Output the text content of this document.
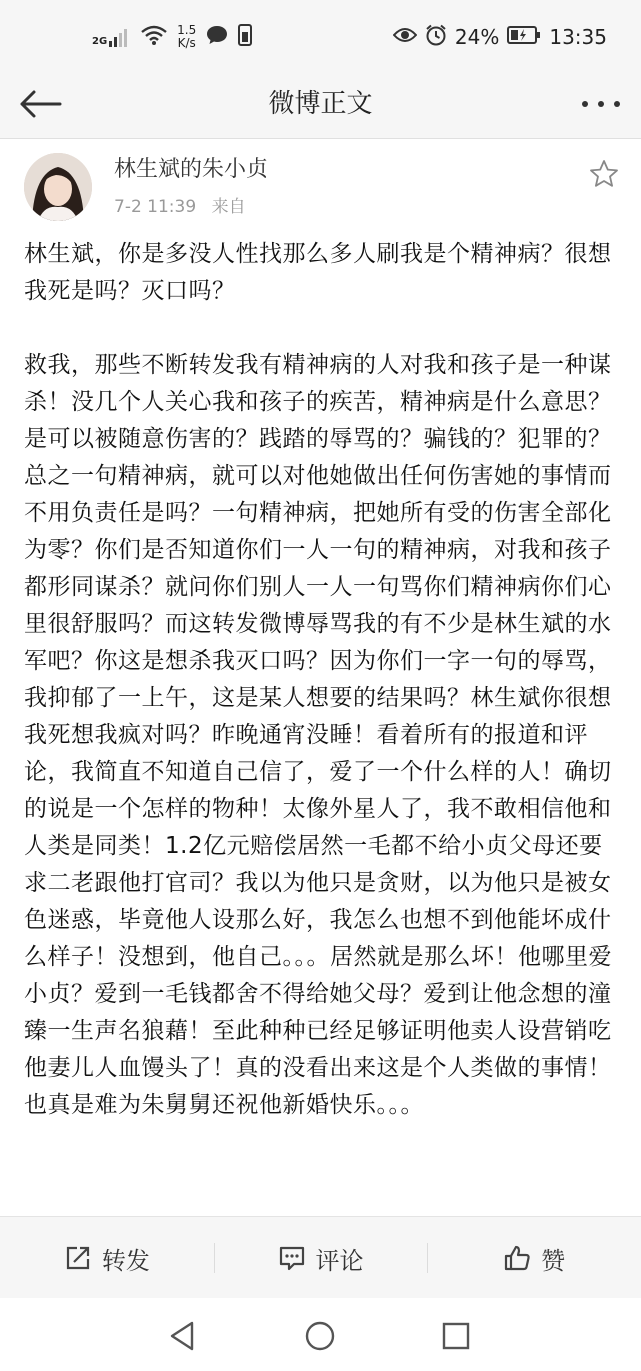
2G
1.5
K/s	24%	13:35
微博正文
林生斌的朱小贞
7-2 11:39 来自

林生斌，你是多没人性找那么多人刷我是个精神病？很想我死是吗？灭口吗？

救我，那些不断转发我有精神病的人对我和孩子是一种谋杀！没几个人关心我和孩子的疾苦，精神病是什么意思？是可以被随意伤害的？践踏的辱骂的？骗钱的？犯罪的？总之一句精神病，就可以对他她做出任何伤害她的事情而不用负责任是吗？一句精神病，把她所有受的伤害全部化为零？你们是否知道你们一人一句的精神病，对我和孩子都形同谋杀？就问你们别人一人一句骂你们精神病你们心里很舒服吗？而这转发微博辱骂我的有不少是林生斌的水军吧？你这是想杀我灭口吗？因为你们一字一句的辱骂，我抑郁了一上午，这是某人想要的结果吗？林生斌你很想我死想我疯对吗？昨晚通宵没睡！看着所有的报道和评论，我简直不知道自己信了，爱了一个什么样的人！确切的说是一个怎样的物种！太像外星人了，我不敢相信他和人类是同类！1.2亿元赔偿居然一毛都不给小贞父母还要求二老跟他打官司？我以为他只是贪财，以为他只是被女色迷惑，毕竟他人设那么好，我怎么也想不到他能坏成什么样子！没想到，他自己。。。居然就是那么坏！他哪里爱小贞？爱到一毛钱都舍不得给她父母？爱到让他念想的潼臻一生声名狼藉！至此种种已经足够证明他卖人设营销吃他妻儿人血馒头了！真的没看出来这是个人类做的事情！

也真是难为朱舅舅还祝他新婚快乐。。。

转发	评论	赞
